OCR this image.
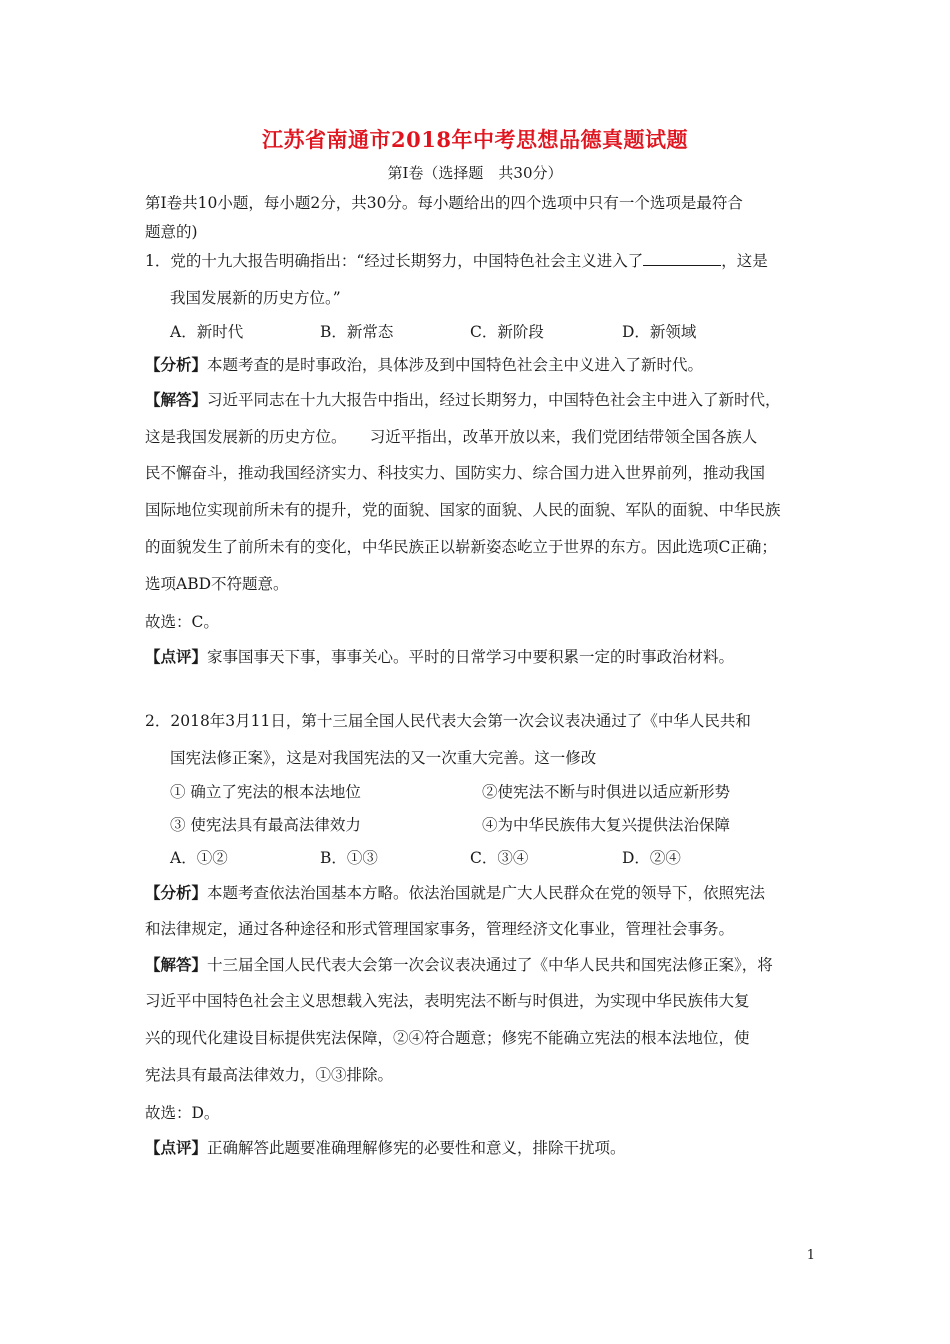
江苏省南通市2018年中考思想品德真题试题
第Ⅰ卷（选择题　共30分）
第Ⅰ卷共10小题，每小题2分，共30分。每小题给出的四个选项中只有一个选项是最符合
题意的)
1．党的十九大报告明确指出：“经过长期努力，中国特色社会主义进入了	，这是
我国发展新的历史方位。”
A．新时代	B．新常态	C．新阶段	D．新领域
【分析】本题考查的是时事政治，具体涉及到中国特色社会主中义进入了新时代。
【解答】习近平同志在十九大报告中指出，经过长期努力，中国特色社会主中进入了新时代，
这是我国发展新的历史方位。　　习近平指出，改革开放以来，我们党团结带领全国各族人
民不懈奋斗，推动我国经济实力、科技实力、国防实力、综合国力进入世界前列，推动我国
国际地位实现前所未有的提升，党的面貌、国家的面貌、人民的面貌、军队的面貌、中华民族
的面貌发生了前所未有的变化，中华民族正以崭新姿态屹立于世界的东方。因此选项C正确；
选项ABD不符题意。
故选：C。
【点评】家事国事天下事，事事关心。平时的日常学习中要积累一定的时事政治材料。
2．2018年3月11日，第十三届全国人民代表大会第一次会议表决通过了《中华人民共和
国宪法修正案》，这是对我国宪法的又一次重大完善。这一修改
① 确立了宪法的根本法地位	②使宪法不断与时俱进以适应新形势
③ 使宪法具有最高法律效力	④为中华民族伟大复兴提供法治保障
A．①②	B．①③	C．③④	D．②④
【分析】本题考查依法治国基本方略。依法治国就是广大人民群众在党的领导下，依照宪法
和法律规定，通过各种途径和形式管理国家事务，管理经济文化事业，管理社会事务。
【解答】十三届全国人民代表大会第一次会议表决通过了《中华人民共和国宪法修正案》，将
习近平中国特色社会主义思想载入宪法，表明宪法不断与时俱进，为实现中华民族伟大复
兴的现代化建设目标提供宪法保障，②④符合题意；修宪不能确立宪法的根本法地位，使
宪法具有最高法律效力，①③排除。
故选：D。
【点评】正确解答此题要准确理解修宪的必要性和意义，排除干扰项。
1
